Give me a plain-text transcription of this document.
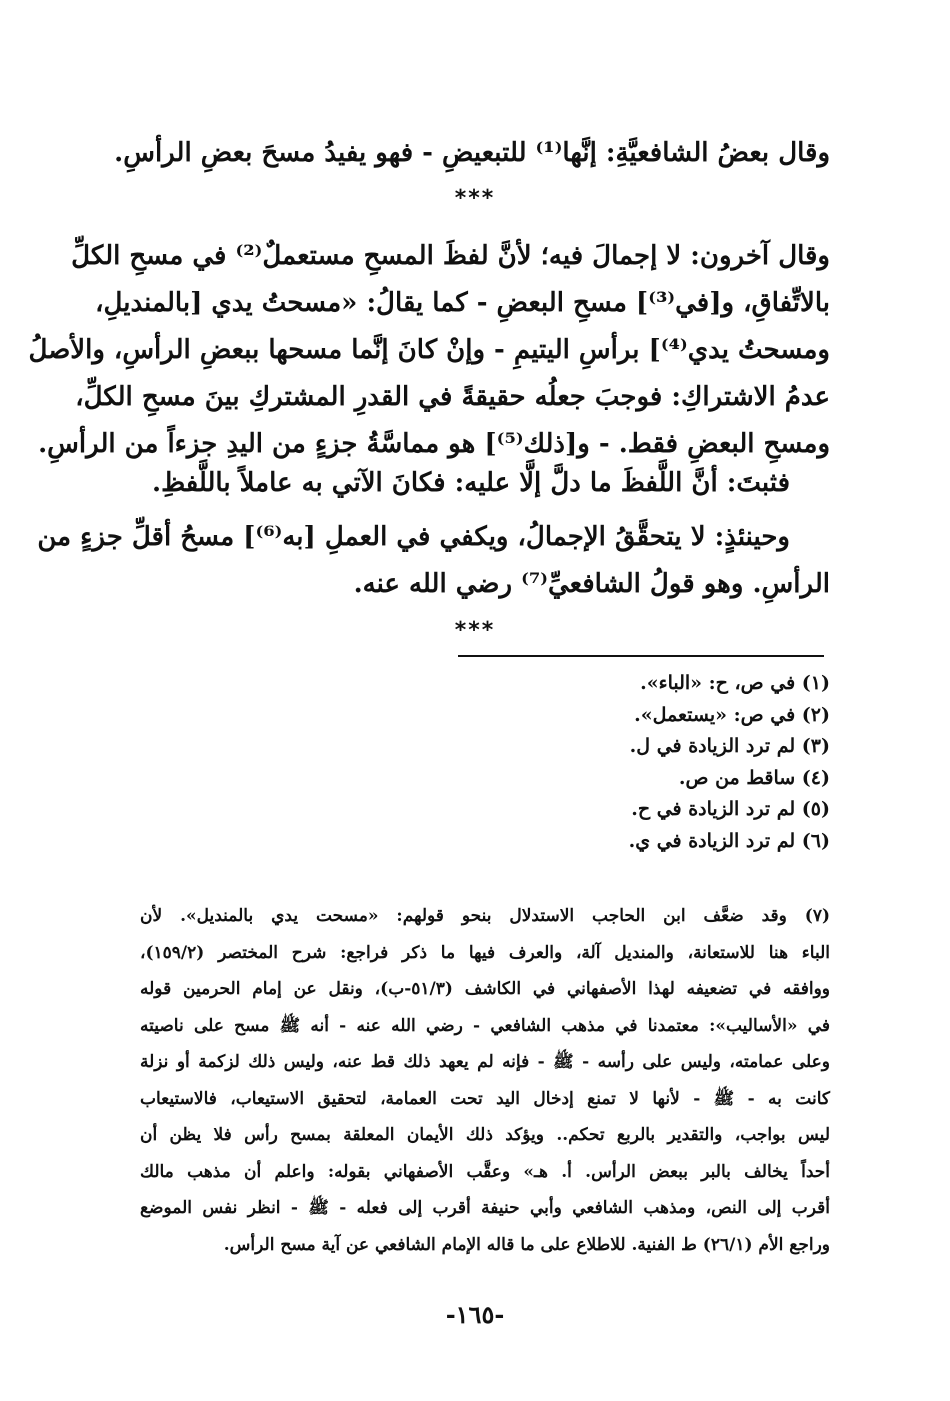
وقال بعضُ الشافعيَّةِ: إنَّها⁽¹⁾ للتبعيضِ - فهو يفيدُ مسحَ بعضِ الرأسِ.
***
وقال آخرون: لا إجمالَ فيه؛ لأنَّ لفظَ المسحِ مستعملٌ⁽²⁾ في مسحِ الكلِّ
بالاتِّفاقِ، و[في⁽³⁾] مسحِ البعضِ - كما يقالُ: «مسحتُ يدي [بالمنديلِ،
ومسحتُ يدي⁽⁴⁾] برأسِ اليتيمِ - وإنْ كانَ إنَّما مسحها ببعضِ الرأسِ، والأصلُ
عدمُ الاشتراكِ: فوجبَ جعلُه حقيقةً في القدرِ المشتركِ بينَ مسحِ الكلِّ،
ومسحِ البعضِ فقط. - و[ذلك⁽⁵⁾] هو مماسَّةُ جزءٍ من اليدِ جزءاً من الرأسِ.
فثبتَ: أنَّ اللَّفظَ ما دلَّ إلَّا عليه: فكانَ الآتي به عاملاً باللَّفظِ.
وحينئذٍ: لا يتحقَّقُ الإجمالُ، ويكفي في العملِ [به⁽⁶⁾] مسحُ أقلِّ جزءٍ من
الرأسِ. وهو قولُ الشافعيِّ⁽⁷⁾ رضي الله عنه.
***
(١) في ص، ح: «الباء».
(٢) في ص: «يستعمل».
(٣) لم ترد الزيادة في ل.
(٤) ساقط من ص.
(٥) لم ترد الزيادة في ح.
(٦) لم ترد الزيادة في ي.
(٧) وقد ضعَّف ابن الحاجب الاستدلال بنحو قولهم: «مسحت يدي بالمنديل». لأن
الباء هنا للاستعانة، والمنديل آلة، والعرف فيها ما ذكر فراجع: شرح المختصر (١٥٩/٢)،
ووافقه في تضعيفه لهذا الأصفهاني في الكاشف (٥١/٣-ب)، ونقل عن إمام الحرمين قوله
في «الأساليب»: معتمدنا في مذهب الشافعي - رضي الله عنه - أنه ﷺ مسح على ناصيته
وعلى عمامته، وليس على رأسه - ﷺ - فإنه لم يعهد ذلك قط عنه، وليس ذلك لزكمة أو نزلة
كانت به - ﷺ - لأنها لا تمنع إدخال اليد تحت العمامة، لتحقيق الاستيعاب، فالاستيعاب
ليس بواجب، والتقدير بالربع تحكم.. ويؤكد ذلك الأيمان المعلقة بمسح رأس فلا يظن أن
أحداً يخالف بالبر ببعض الرأس. أ. هـ» وعقَّب الأصفهاني بقوله: واعلم أن مذهب مالك
أقرب إلى النص، ومذهب الشافعي وأبي حنيفة أقرب إلى فعله - ﷺ - انظر نفس الموضع
وراجع الأم (٢٦/١) ط الفنية. للاطلاع على ما قاله الإمام الشافعي عن آية مسح الرأس.
-١٦٥-
